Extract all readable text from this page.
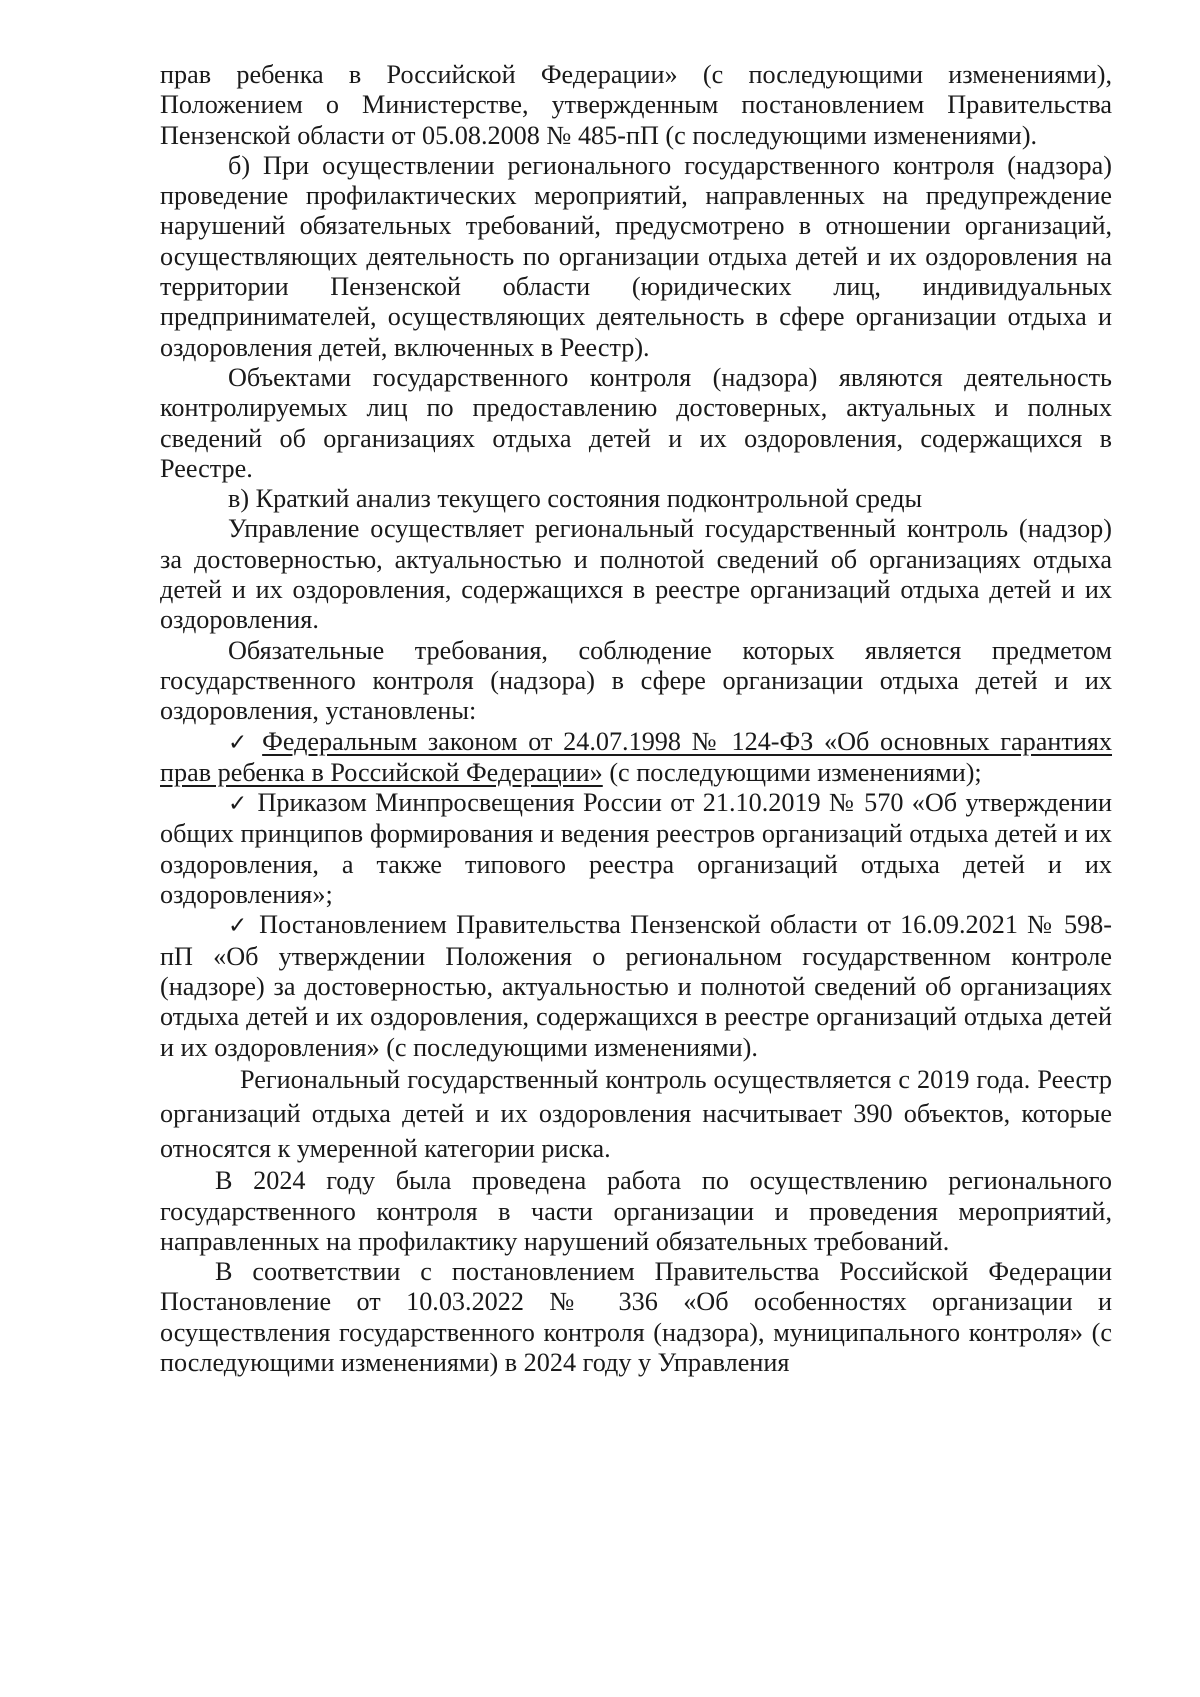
прав ребенка в Российской Федерации» (с последующими изменениями), Положением о Министерстве, утвержденным постановлением Правительства Пензенской области от 05.08.2008 № 485-пП (с последующими изменениями).

б) При осуществлении регионального государственного контроля (надзора) проведение профилактических мероприятий, направленных на предупреждение нарушений обязательных требований, предусмотрено в отношении организаций, осуществляющих деятельность по организации отдыха детей и их оздоровления на территории Пензенской области (юридических лиц, индивидуальных предпринимателей, осуществляющих деятельность в сфере организации отдыха и оздоровления детей, включенных в Реестр).

Объектами государственного контроля (надзора) являются деятельность контролируемых лиц по предоставлению достоверных, актуальных и полных сведений об организациях отдыха детей и их оздоровления, содержащихся в Реестре.

в) Краткий анализ текущего состояния подконтрольной среды

Управление осуществляет региональный государственный контроль (надзор) за достоверностью, актуальностью и полнотой сведений об организациях отдыха детей и их оздоровления, содержащихся в реестре организаций отдыха детей и их оздоровления.

Обязательные требования, соблюдение которых является предметом государственного контроля (надзора) в сфере организации отдыха детей и их оздоровления, установлены:

✓ Федеральным законом от 24.07.1998 № 124-ФЗ «Об основных гарантиях прав ребенка в Российской Федерации» (с последующими изменениями);

✓ Приказом Минпросвещения России от 21.10.2019 № 570 «Об утверждении общих принципов формирования и ведения реестров организаций отдыха детей и их оздоровления, а также типового реестра организаций отдыха детей и их оздоровления»;

✓ Постановлением Правительства Пензенской области от 16.09.2021 № 598-пП «Об утверждении Положения о региональном государственном контроле (надзоре) за достоверностью, актуальностью и полнотой сведений об организациях отдыха детей и их оздоровления, содержащихся в реестре организаций отдыха детей и их оздоровления» (с последующими изменениями).

Региональный государственный контроль осуществляется с 2019 года. Реестр организаций отдыха детей и их оздоровления насчитывает 390 объектов, которые относятся к умеренной категории риска.

В 2024 году была проведена работа по осуществлению регионального государственного контроля в части организации и проведения мероприятий, направленных на профилактику нарушений обязательных требований.

В соответствии с постановлением Правительства Российской Федерации Постановление от 10.03.2022 № 336 «Об особенностях организации и осуществления государственного контроля (надзора), муниципального контроля» (с последующими изменениями) в 2024 году у Управления
